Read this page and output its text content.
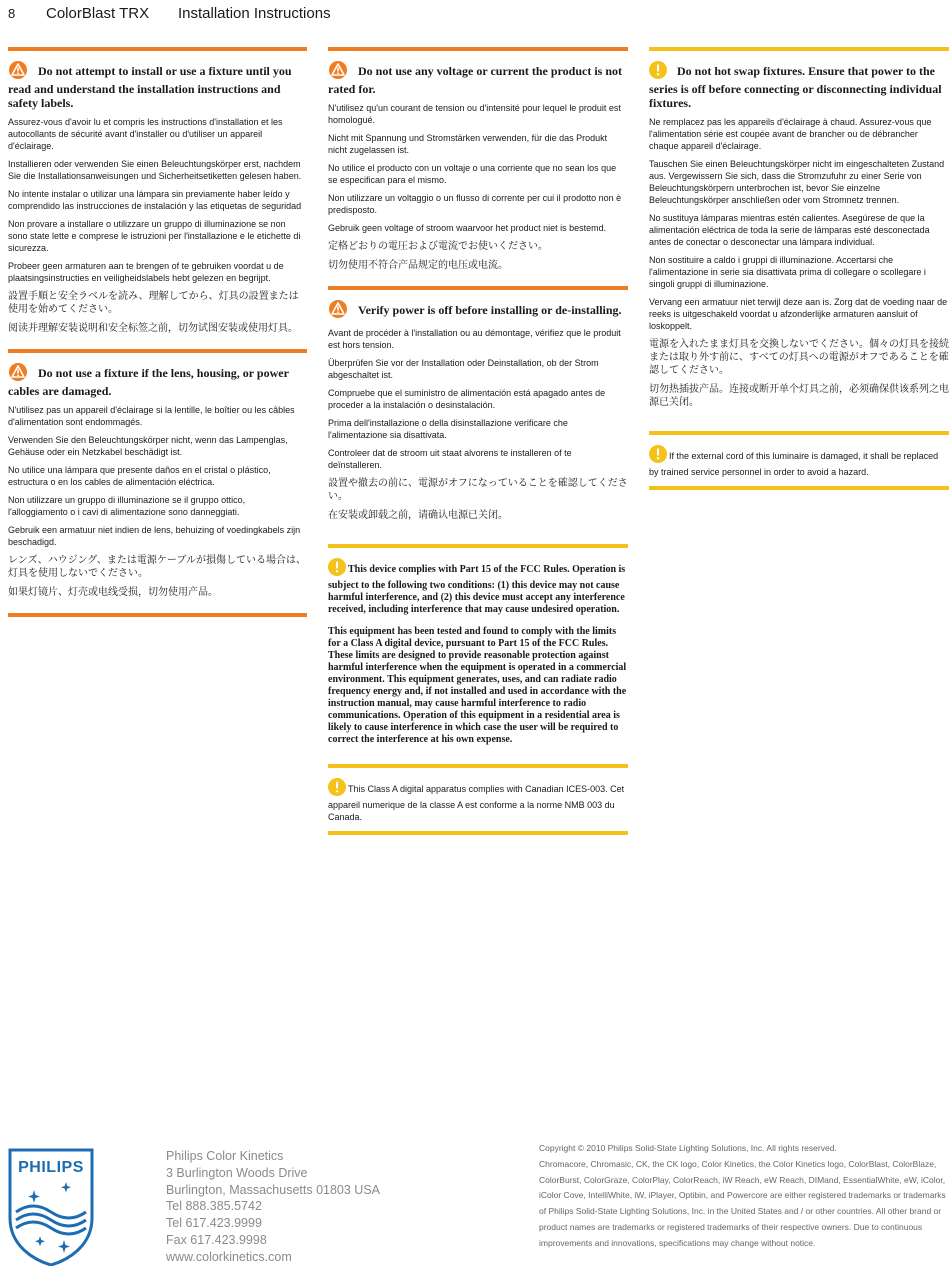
8 ColorBlast TRX Installation Instructions
Do not attempt to install or use a fixture until you read and understand the installation instructions and safety labels.

Assurez-vous d'avoir lu et compris les instructions d'installation et les autocollants de sécurité avant d'installer ou d'utiliser un appareil d'éclairage.

Installieren oder verwenden Sie einen Beleuchtungskörper erst, nachdem Sie die Installationsanweisungen und Sicherheitsetiketten gelesen haben.

No intente instalar o utilizar una lámpara sin previamente haber leído y comprendido las instrucciones de instalación y las etiquetas de seguridad

Non provare a installare o utilizzare un gruppo di illuminazione se non sono state lette e comprese le istruzioni per l'installazione e le etichette di sicurezza.

Probeer geen armaturen aan te brengen of te gebruiken voordat u de plaatsingsinstructies en veiligheidslabels hebt gelezen en begrijpt.

設置手順と安全ラベルを読み、理解してから、灯具の設置または使用を始めてください。

阅读并理解安装说明和安全标签之前，切勿试图安装或使用灯具。

Do not use a fixture if the lens, housing, or power cables are damaged.

N'utilisez pas un appareil d'éclairage si la lentille, le boîtier ou les câbles d'alimentation sont endommagés.

Verwenden Sie den Beleuchtungskörper nicht, wenn das Lampenglas, Gehäuse oder ein Netzkabel beschädigt ist.

No utilice una lámpara que presente daños en el cristal o plástico, estructura o en los cables de alimentación eléctrica.

Non utilizzare un gruppo di illuminazione se il gruppo ottico, l'alloggiamento o i cavi di alimentazione sono danneggiati.

Gebruik een armatuur niet indien de lens, behuizing of voedingkabels zijn beschadigd.

レンズ、ハウジング、または電源ケーブルが損傷している場合は、灯具を使用しないでください。

如果灯镜片、灯壳或电线受损，切勿使用产品。

Do not use any voltage or current the product is not rated for.

N'utilisez qu'un courant de tension ou d'intensité pour lequel le produit est homologué.

Nicht mit Spannung und Stromstärken verwenden, für die das Produkt nicht zugelassen ist.

No utilice el producto con un voltaje o una corriente que no sean los que se especifican para el mismo.

Non utilizzare un voltaggio o un flusso di corrente per cui il prodotto non è predisposto.

Gebruik geen voltage of stroom waarvoor het product niet is bestemd.

定格どおりの電圧および電流でお使いください。

切勿使用不符合产品规定的电压或电流。

Verify power is off before installing or de-installing.

Avant de procéder à l'installation ou au démontage, vérifiez que le produit est hors tension.

Überprüfen Sie vor der Installation oder Deinstallation, ob der Strom abgeschaltet ist.

Compruebe que el suministro de alimentación está apagado antes de proceder a la instalación o desinstalación.

Prima dell'installazione o della disinstallazione verificare che l'alimentazione sia disattivata.

Controleer dat de stroom uit staat alvorens te installeren of te deïnstalleren.

設置や撤去の前に、電源がオフになっていることを確認してください。

在安装或卸载之前，请确认电源已关闭。

This device complies with Part 15 of the FCC Rules. Operation is subject to the following two conditions: (1) this device may not cause harmful interference, and (2) this device must accept any interference received, including interference that may cause undesired operation.

This equipment has been tested and found to comply with the limits for a Class A digital device, pursuant to Part 15 of the FCC Rules. These limits are designed to provide reasonable protection against harmful interference when the equipment is operated in a commercial environment. This equipment generates, uses, and can radiate radio frequency energy and, if not installed and used in accordance with the instruction manual, may cause harmful interference to radio communications. Operation of this equipment in a residential area is likely to cause interference in which case the user will be required to correct the interference at his own expense.

This Class A digital apparatus complies with Canadian ICES-003. Cet appareil numerique de la classe A est conforme a la norme NMB 003 du Canada.

Do not hot swap fixtures. Ensure that power to the series is off before connecting or disconnecting individual fixtures.

Ne remplacez pas les appareils d'éclairage à chaud. Assurez-vous que l'alimentation série est coupée avant de brancher ou de débrancher chaque appareil d'éclairage.

Tauschen Sie einen Beleuchtungskörper nicht im eingeschalteten Zustand aus. Vergewissern Sie sich, dass die Stromzufuhr zu einer Serie von Beleuchtungskörpern unterbrochen ist, bevor Sie einzelne Beleuchtungskörper anschließen oder vom Stromnetz trennen.

No sustituya lámparas mientras estén calientes. Asegúrese de que la alimentación eléctrica de toda la serie de lámparas esté desconectada antes de conectar o desconectar una lámpara individual.

Non sostituire a caldo i gruppi di illuminazione. Accertarsi che l'alimentazione in serie sia disattivata prima di collegare o scollegare i singoli gruppi di illuminazione.

Vervang een armatuur niet terwijl deze aan is. Zorg dat de voeding naar de reeks is uitgeschakeld voordat u afzonderlijke armaturen aansluit of loskoppelt.

電源を入れたまま灯具を交換しないでください。個々の灯具を接続または取り外す前に、すべての灯具への電源がオフであることを確認してください。

切勿热插拔产品。连接或断开单个灯具之前，必须确保供该系列之电源已关闭。

If the external cord of this luminaire is damaged, it shall be replaced by trained service personnel in order to avoid a hazard.

PHILIPS
Philips Color Kinetics
3 Burlington Woods Drive
Burlington, Massachusetts 01803 USA
Tel 888.385.5742
Tel 617.423.9999
Fax 617.423.9998
www.colorkinetics.com
Copyright © 2010 Philips Solid-State Lighting Solutions, Inc. All rights reserved.
Chromacore, Chromasic, CK, the CK logo, Color Kinetics, the Color Kinetics logo, ColorBlast, ColorBlaze, ColorBurst, ColorGraze, ColorPlay, ColorReach, iW Reach, eW Reach, DIMand, EssentialWhite, eW, iColor, iColor Cove, IntelliWhite, iW, iPlayer, Optibin, and Powercore are either registered trademarks or trademarks of Philips Solid-State Lighting Solutions, Inc. in the United States and / or other countries. All other brand or product names are trademarks or registered trademarks of their respective owners. Due to continuous improvements and innovations, specifications may change without notice.
